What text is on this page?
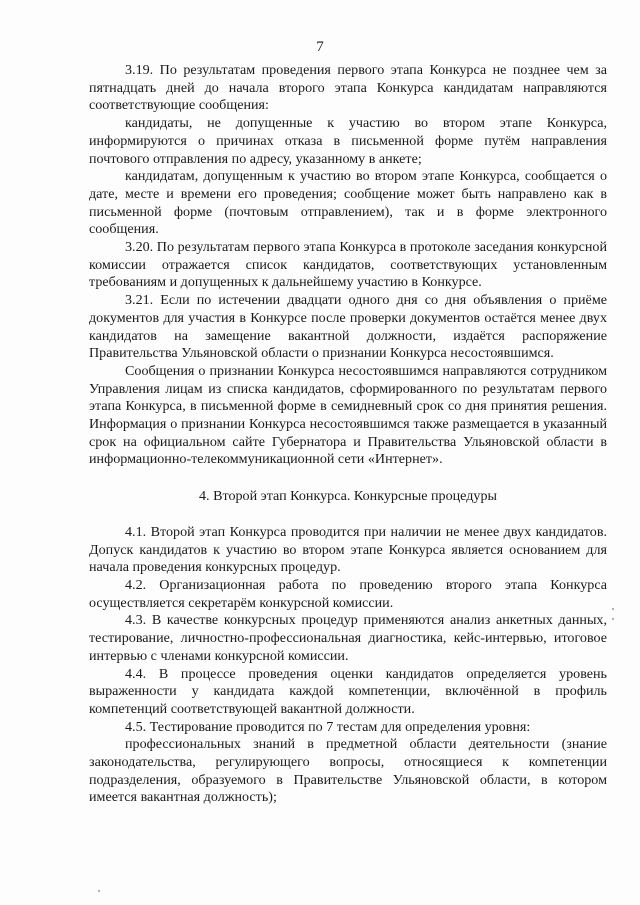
7

3.19. По результатам проведения первого этапа Конкурса не позднее чем за пятнадцать дней до начала второго этапа Конкурса кандидатам направляются соответствующие сообщения:

кандидаты, не допущенные к участию во втором этапе Конкурса, информируются о причинах отказа в письменной форме путём направления почтового отправления по адресу, указанному в анкете;

кандидатам, допущенным к участию во втором этапе Конкурса, сообщается о дате, месте и времени его проведения; сообщение может быть направлено как в письменной форме (почтовым отправлением), так и в форме электронного сообщения.

3.20. По результатам первого этапа Конкурса в протоколе заседания конкурсной комиссии отражается список кандидатов, соответствующих установленным требованиям и допущенных к дальнейшему участию в Конкурсе.

3.21. Если по истечении двадцати одного дня со дня объявления о приёме документов для участия в Конкурсе после проверки документов остаётся менее двух кандидатов на замещение вакантной должности, издаётся распоряжение Правительства Ульяновской области о признании Конкурса несостоявшимся.

Сообщения о признании Конкурса несостоявшимся направляются сотрудником Управления лицам из списка кандидатов, сформированного по результатам первого этапа Конкурса, в письменной форме в семидневный срок со дня принятия решения. Информация о признании Конкурса несостоявшимся также размещается в указанный срок на официальном сайте Губернатора и Правительства Ульяновской области в информационно-телекоммуникационной сети «Интернет».

4. Второй этап Конкурса. Конкурсные процедуры

4.1. Второй этап Конкурса проводится при наличии не менее двух кандидатов. Допуск кандидатов к участию во втором этапе Конкурса является основанием для начала проведения конкурсных процедур.

4.2. Организационная работа по проведению второго этапа Конкурса осуществляется секретарём конкурсной комиссии.

4.3. В качестве конкурсных процедур применяются анализ анкетных данных, тестирование, личностно-профессиональная диагностика, кейс-интервью, итоговое интервью с членами конкурсной комиссии.

4.4. В процессе проведения оценки кандидатов определяется уровень выраженности у кандидата каждой компетенции, включённой в профиль компетенций соответствующей вакантной должности.

4.5. Тестирование проводится по 7 тестам для определения уровня:

профессиональных знаний в предметной области деятельности (знание законодательства, регулирующего вопросы, относящиеся к компетенции подразделения, образуемого в Правительстве Ульяновской области, в котором имеется вакантная должность);
